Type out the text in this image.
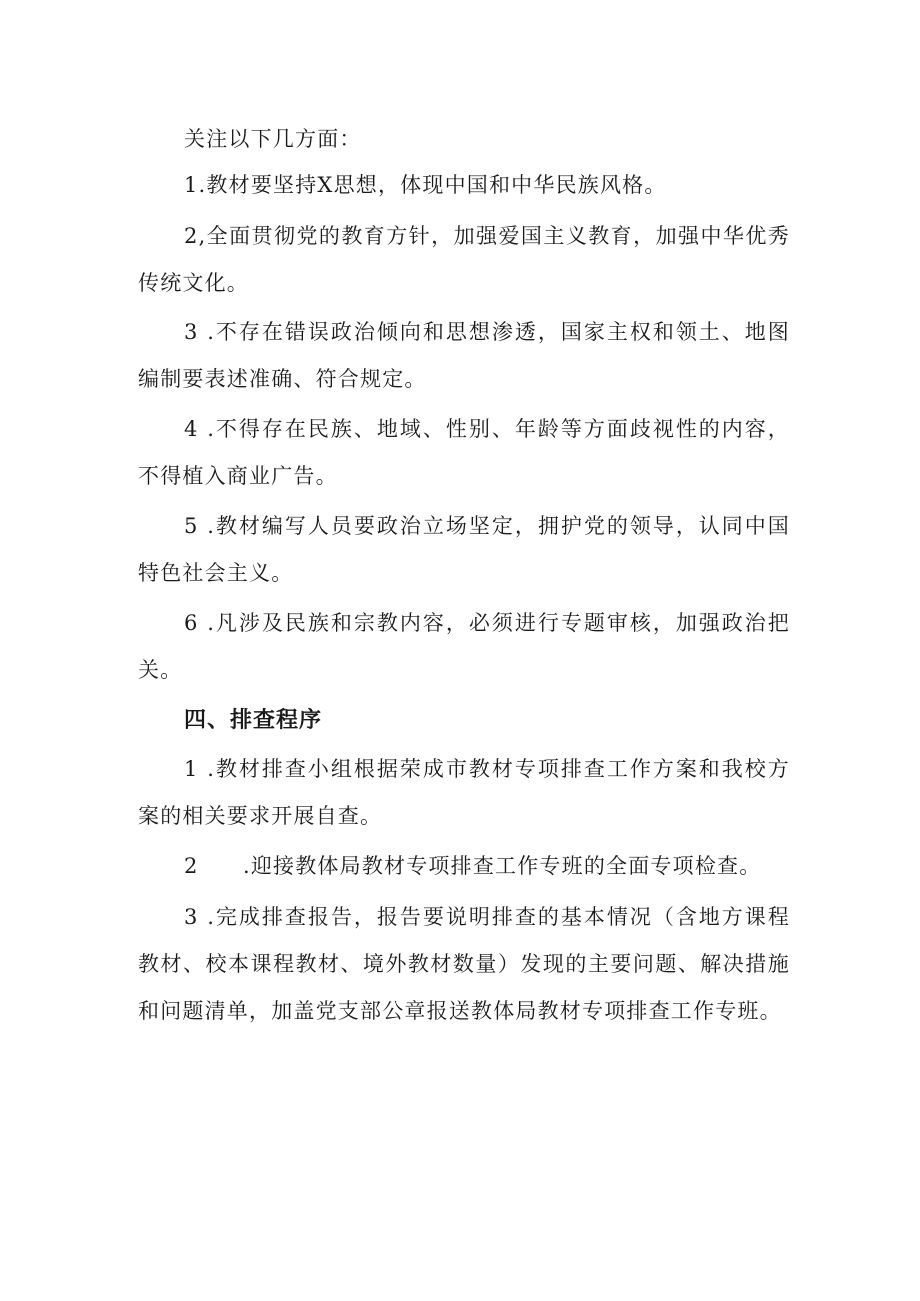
关注以下几方面：

1.教材要坚持X思想，体现中国和中华民族风格。

2,全面贯彻党的教育方针，加强爱国主义教育，加强中华优秀传统文化。

3 .不存在错误政治倾向和思想渗透，国家主权和领土、地图编制要表述准确、符合规定。

4 .不得存在民族、地域、性别、年龄等方面歧视性的内容，不得植入商业广告。

5 .教材编写人员要政治立场坚定，拥护党的领导，认同中国特色社会主义。

6 .凡涉及民族和宗教内容，必须进行专题审核，加强政治把关。

四、排查程序

1 .教材排查小组根据荣成市教材专项排查工作方案和我校方案的相关要求开展自查。

2　　.迎接教体局教材专项排查工作专班的全面专项检查。

3 .完成排查报告，报告要说明排查的基本情况（含地方课程教材、校本课程教材、境外教材数量）发现的主要问题、解决措施和问题清单，加盖党支部公章报送教体局教材专项排查工作专班。
